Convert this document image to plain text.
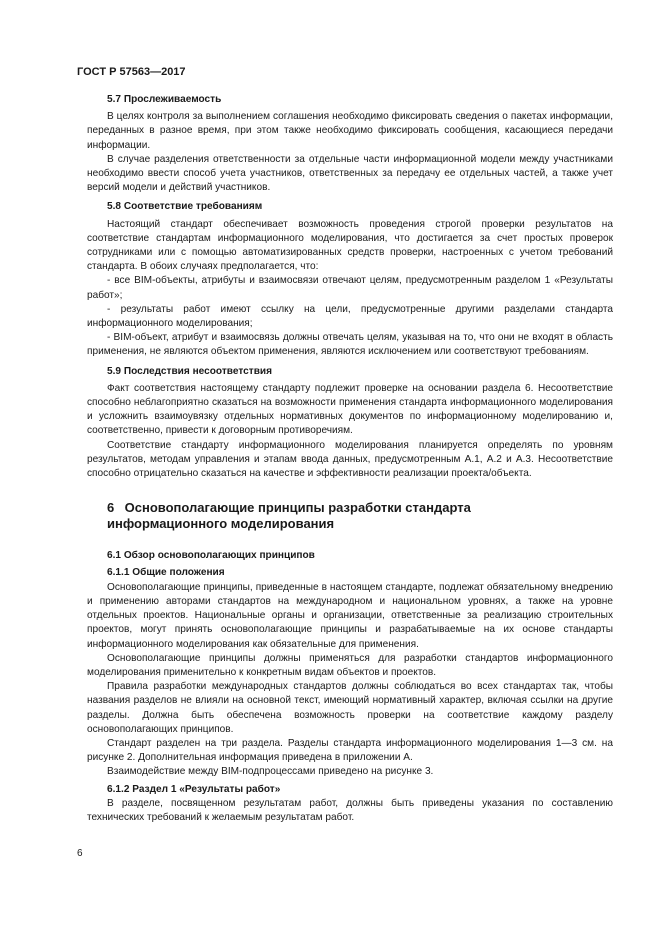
ГОСТ Р 57563—2017
5.7 Прослеживаемость

В целях контроля за выполнением соглашения необходимо фиксировать сведения о пакетах информации, переданных в разное время, при этом также необходимо фиксировать сообщения, касающиеся передачи информации.

В случае разделения ответственности за отдельные части информационной модели между участниками необходимо ввести способ учета участников, ответственных за передачу ее отдельных частей, а также учет версий модели и действий участников.

5.8 Соответствие требованиям

Настоящий стандарт обеспечивает возможность проведения строгой проверки результатов на соответствие стандартам информационного моделирования, что достигается за счет простых проверок сотрудниками или с помощью автоматизированных средств проверки, настроенных с учетом требований стандарта. В обоих случаях предполагается, что:

- все BIM-объекты, атрибуты и взаимосвязи отвечают целям, предусмотренным разделом 1 «Результаты работ»;

- результаты работ имеют ссылку на цели, предусмотренные другими разделами стандарта информационного моделирования;

- BIM-объект, атрибут и взаимосвязь должны отвечать целям, указывая на то, что они не входят в область применения, не являются объектом применения, являются исключением или соответствуют требованиям.

5.9 Последствия несоответствия

Факт соответствия настоящему стандарту подлежит проверке на основании раздела 6. Несоответствие способно неблагоприятно сказаться на возможности применения стандарта информационного моделирования и усложнить взаимоувязку отдельных нормативных документов по информационному моделированию и, соответственно, привести к договорным противоречиям.

Соответствие стандарту информационного моделирования планируется определять по уровням результатов, методам управления и этапам ввода данных, предусмотренным А.1, А.2 и А.3. Несоответствие способно отрицательно сказаться на качестве и эффективности реализации проекта/объекта.

6 Основополагающие принципы разработки стандарта
информационного моделирования
6.1 Обзор основополагающих принципов
6.1.1 Общие положения

Основополагающие принципы, приведенные в настоящем стандарте, подлежат обязательному внедрению и применению авторами стандартов на международном и национальном уровнях, а также на уровне отдельных проектов. Национальные органы и организации, ответственные за реализацию строительных проектов, могут принять основополагающие принципы и разрабатываемые на их основе стандарты информационного моделирования как обязательные для применения.

Основополагающие принципы должны применяться для разработки стандартов информационного моделирования применительно к конкретным видам объектов и проектов.

Правила разработки международных стандартов должны соблюдаться во всех стандартах так, чтобы названия разделов не влияли на основной текст, имеющий нормативный характер, включая ссылки на другие разделы. Должна быть обеспечена возможность проверки на соответствие каждому разделу основополагающих принципов.

Стандарт разделен на три раздела. Разделы стандарта информационного моделирования 1—3 см. на рисунке 2. Дополнительная информация приведена в приложении А.

Взаимодействие между BIM-подпроцессами приведено на рисунке 3.

6.1.2 Раздел 1 «Результаты работ»

В разделе, посвященном результатам работ, должны быть приведены указания по составлению технических требований к желаемым результатам работ.

6
